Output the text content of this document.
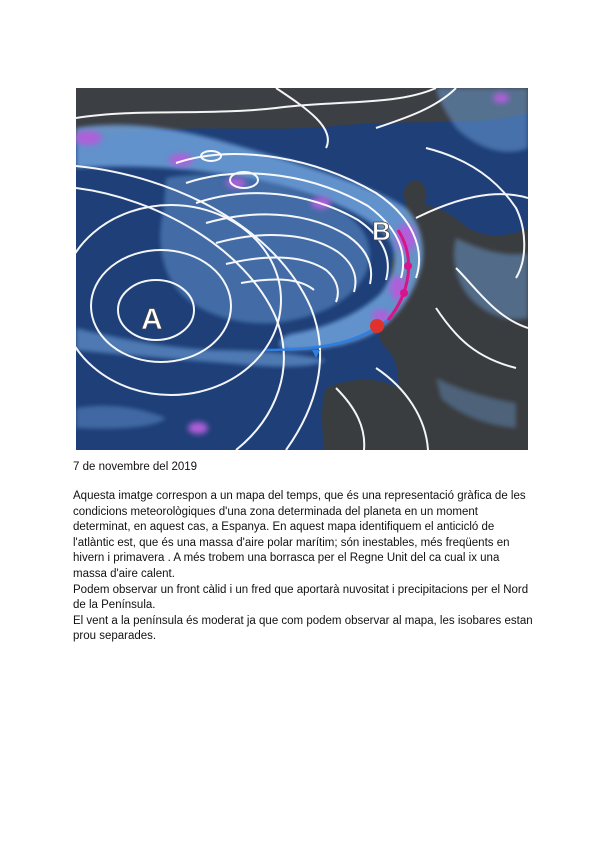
A
B
7 de novembre del 2019

Aquesta imatge correspon a un mapa del temps, que és una representació gràfica de les condicions meteorològiques d'una zona determinada del planeta en un moment determinat, en aquest cas, a Espanya. En aquest mapa identifiquem el anticicló de l'atlàntic est, que és una massa d'aire polar marítim; són inestables, més freqüents en hivern i primavera . A més trobem una borrasca per el Regne Unit del ca cual ix una massa d'aire calent.

Podem observar un front càlid i un fred que aportarà nuvositat i precipitacions per el Nord de la Península.

El vent a la península és moderat ja que com podem observar al mapa, les isobares estan prou separades.
